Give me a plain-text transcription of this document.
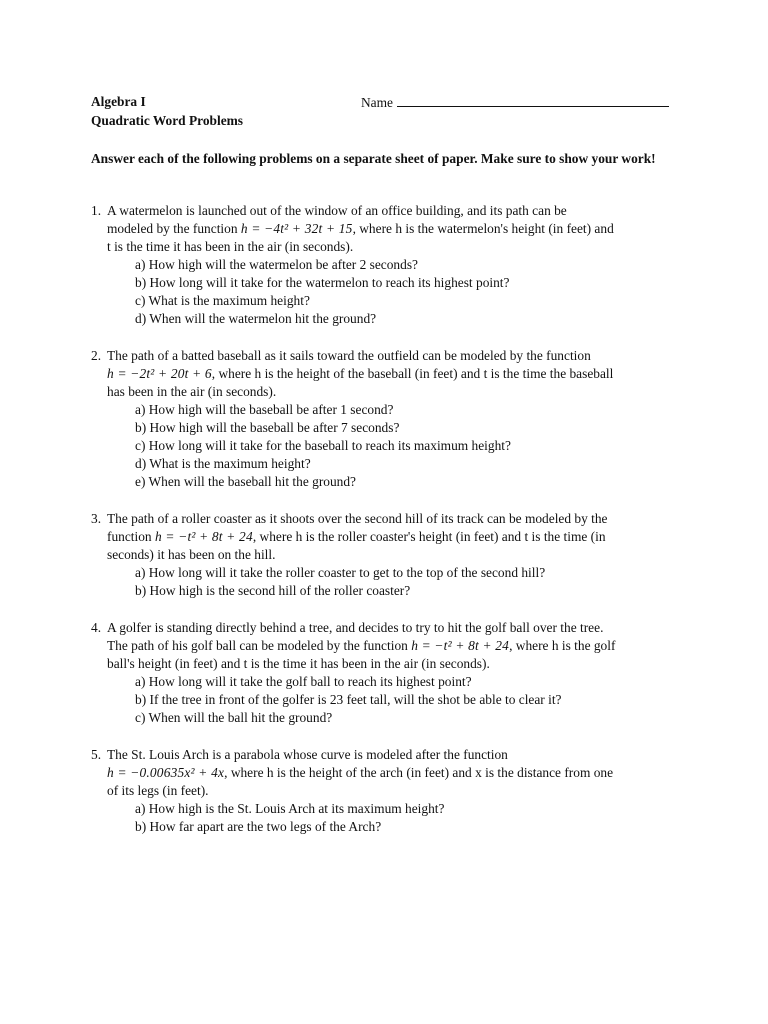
Algebra I	Name
Quadratic Word Problems
Answer each of the following problems on a separate sheet of paper. Make sure to show your work!

1. A watermelon is launched out of the window of an office building, and its path can be

modeled by the function h = −4t² + 32t + 15, where h is the watermelon's height (in feet) and

t is the time it has been in the air (in seconds).

a) How high will the watermelon be after 2 seconds?
b) How long will it take for the watermelon to reach its highest point?
c) What is the maximum height?
d) When will the watermelon hit the ground?

2. The path of a batted baseball as it sails toward the outfield can be modeled by the function

h = −2t² + 20t + 6, where h is the height of the baseball (in feet) and t is the time the baseball

has been in the air (in seconds).

a) How high will the baseball be after 1 second?
b) How high will the baseball be after 7 seconds?
c) How long will it take for the baseball to reach its maximum height?
d) What is the maximum height?
e) When will the baseball hit the ground?

3. The path of a roller coaster as it shoots over the second hill of its track can be modeled by the

function h = −t² + 8t + 24, where h is the roller coaster's height (in feet) and t is the time (in

seconds) it has been on the hill.

a) How long will it take the roller coaster to get to the top of the second hill?
b) How high is the second hill of the roller coaster?

4. A golfer is standing directly behind a tree, and decides to try to hit the golf ball over the tree.

The path of his golf ball can be modeled by the function h = −t² + 8t + 24, where h is the golf

ball's height (in feet) and t is the time it has been in the air (in seconds).

a) How long will it take the golf ball to reach its highest point?
b) If the tree in front of the golfer is 23 feet tall, will the shot be able to clear it?
c) When will the ball hit the ground?

5. The St. Louis Arch is a parabola whose curve is modeled after the function

h = −0.00635x² + 4x, where h is the height of the arch (in feet) and x is the distance from one

of its legs (in feet).

a) How high is the St. Louis Arch at its maximum height?
b) How far apart are the two legs of the Arch?
